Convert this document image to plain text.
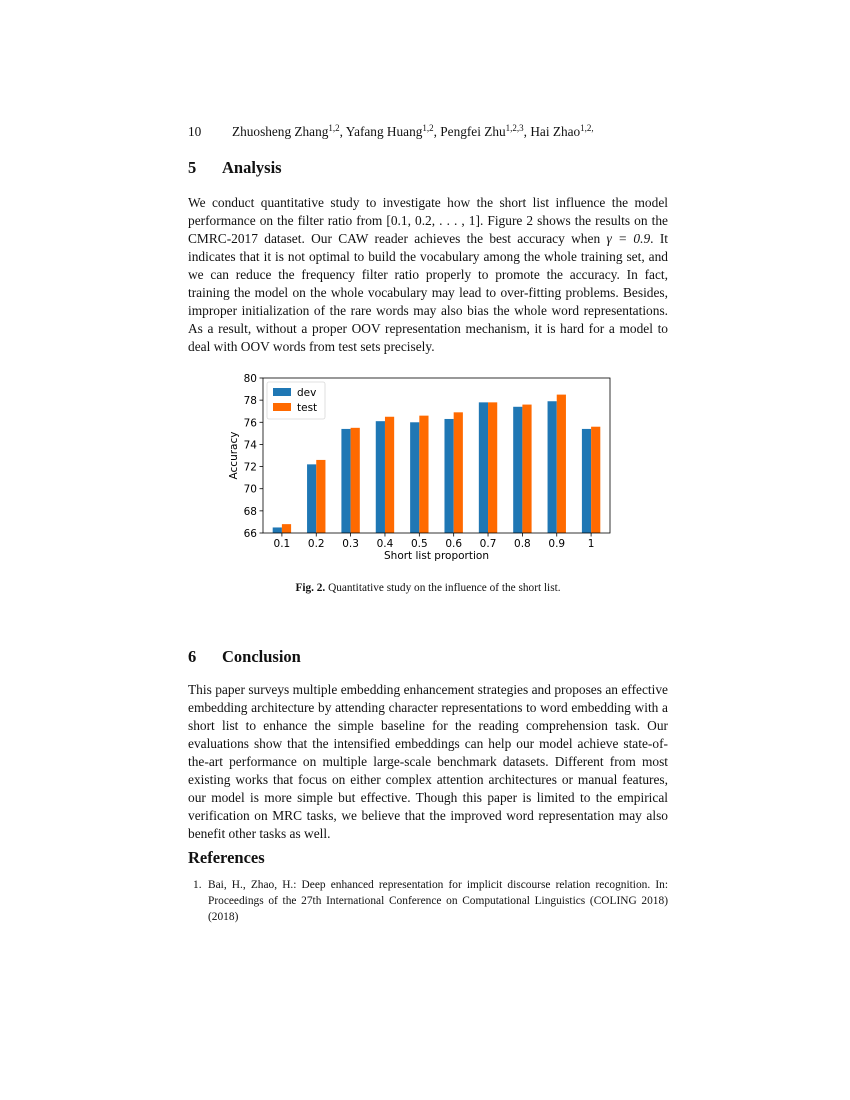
10 Zhuosheng Zhang$^{1,2}$, Yafang Huang$^{1,2}$, Pengfei Zhu$^{1,2,3}$, Hai Zhao$^{1,2,}$
5 Analysis

We conduct quantitative study to investigate how the short list influence the model performance on the filter ratio from [0.1, 0.2, . . . , 1]. Figure 2 shows the results on the CMRC-2017 dataset. Our CAW reader achieves the best accuracy when γ = 0.9. It indicates that it is not optimal to build the vocabulary among the whole training set, and we can reduce the frequency filter ratio properly to promote the accuracy. In fact, training the model on the whole vocabulary may lead to over-fitting problems. Besides, improper initialization of the rare words may also bias the whole word representations. As a result, without a proper OOV representation mechanism, it is hard for a model to deal with OOV words from test sets precisely.

66
68
70
72
74
76
78
80
0.1 0.2 0.3 0.4 0.5 0.6 0.7 0.8 0.9 1
Short list proportion
Accuracy
dev
test
Fig. 2. Quantitative study on the influence of the short list.
6 Conclusion

This paper surveys multiple embedding enhancement strategies and proposes an effective embedding architecture by attending character representations to word embedding with a short list to enhance the simple baseline for the reading comprehension task. Our evaluations show that the intensified embeddings can help our model achieve state-of-the-art performance on multiple large-scale benchmark datasets. Different from most existing works that focus on either complex attention architectures or manual features, our model is more simple but effective. Though this paper is limited to the empirical verification on MRC tasks, we believe that the improved word representation may also benefit other tasks as well.

References
1. Bai, H., Zhao, H.: Deep enhanced representation for implicit discourse relation recognition. In: Proceedings of the 27th International Conference on Computational Linguistics (COLING 2018) (2018)
